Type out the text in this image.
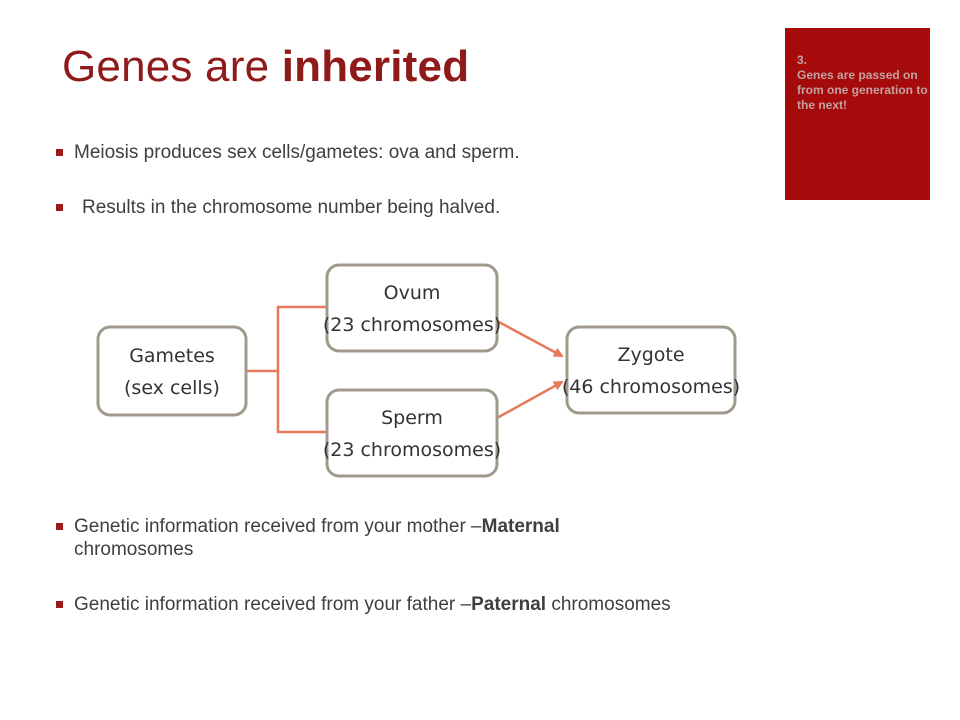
Genes are inherited	3.
Genes are passed on from one generation to the next!

Meiosis produces sex cells/gametes: ova and sperm.

Results in the chromosome number being halved.

Gametes
(sex cells)
Ovum
(23 chromosomes)
Sperm
(23 chromosomes)
Zygote
(46 chromosomes)

Genetic information received from your mother –Maternal
chromosomes

Genetic information received from your father –Paternal chromosomes
